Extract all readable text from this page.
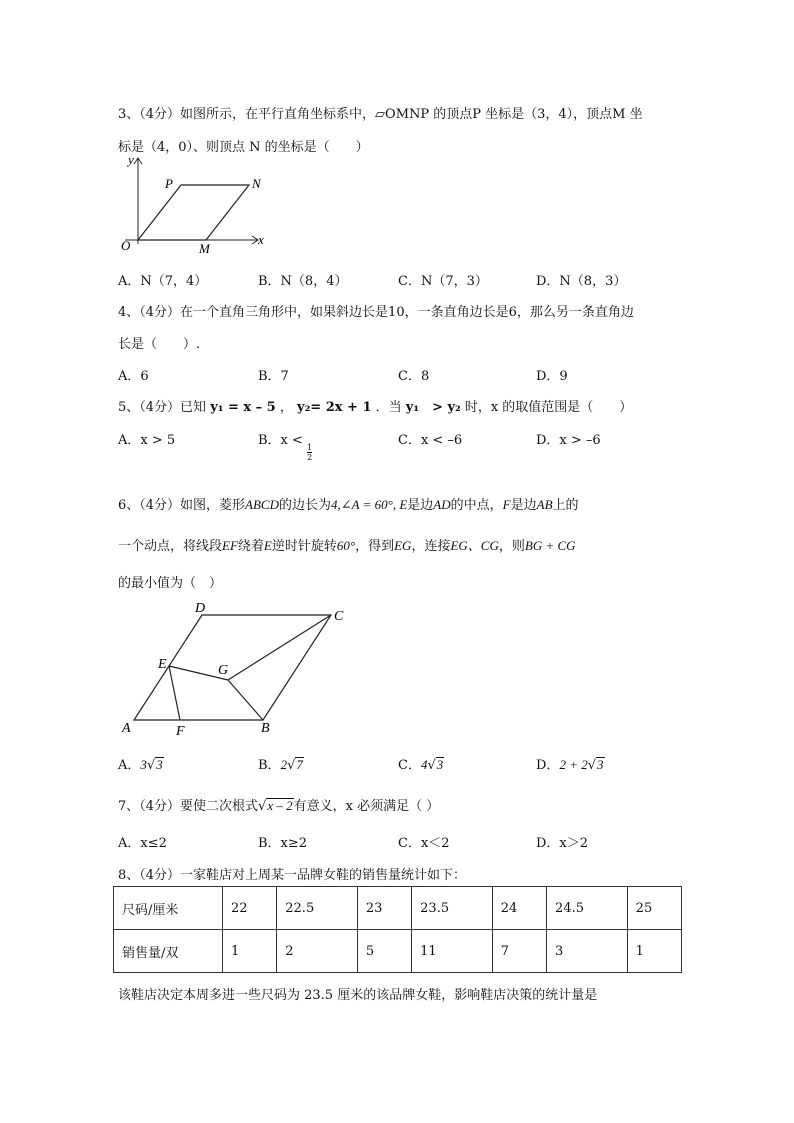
3、（4分）如图所示，在平行直角坐标系中，▱OMNP 的顶点P 坐标是（3，4），顶点M 坐
标是（4，0）、则顶点 N 的坐标是（　　）
y
x
O
P	N
M
A．N（7，4）	B．N（8，4）	C．N（7，3）	D．N（8，3）
4、（4分）在一个直角三角形中，如果斜边长是10，一条直角边长是6，那么另一条直角边
长是（　　）.
A．6	B．7	C．8	D．9
5、（4分）已知 y₁ = x – 5 ， y₂= 2x + 1 ．当 y₁　> y₂ 时，x 的取值范围是（　　）
A．x > 5	B．x <
$\frac{1}{2}$
C．x < –6	D．x > –6
6、（4分）如图，菱形ABCD的边长为4,∠A = 60°, E是边AD的中点，F是边AB上的
一个动点，将线段EF绕着E逆时针旋转60°，得到EG，连接EG、CG，则BG + CG
的最小值为（　）
A	B
C
D
E
F
G
A．3√3	B．2√7	C．4√3	D．2 + 2√3
7、（4分）要使二次根式√x – 2有意义，x 必须满足（ ）
A．x≤2	B．x≥2	C．x＜2	D．x＞2
8、（4分）一家鞋店对上周某一品牌女鞋的销售量统计如下：
尺码/厘米	22	22.5	23	23.5	24	24.5	25
销售量/双	1	2	5	11	7	3	1
该鞋店决定本周多进一些尺码为 23.5 厘米的该品牌女鞋，影响鞋店决策的统计量是
